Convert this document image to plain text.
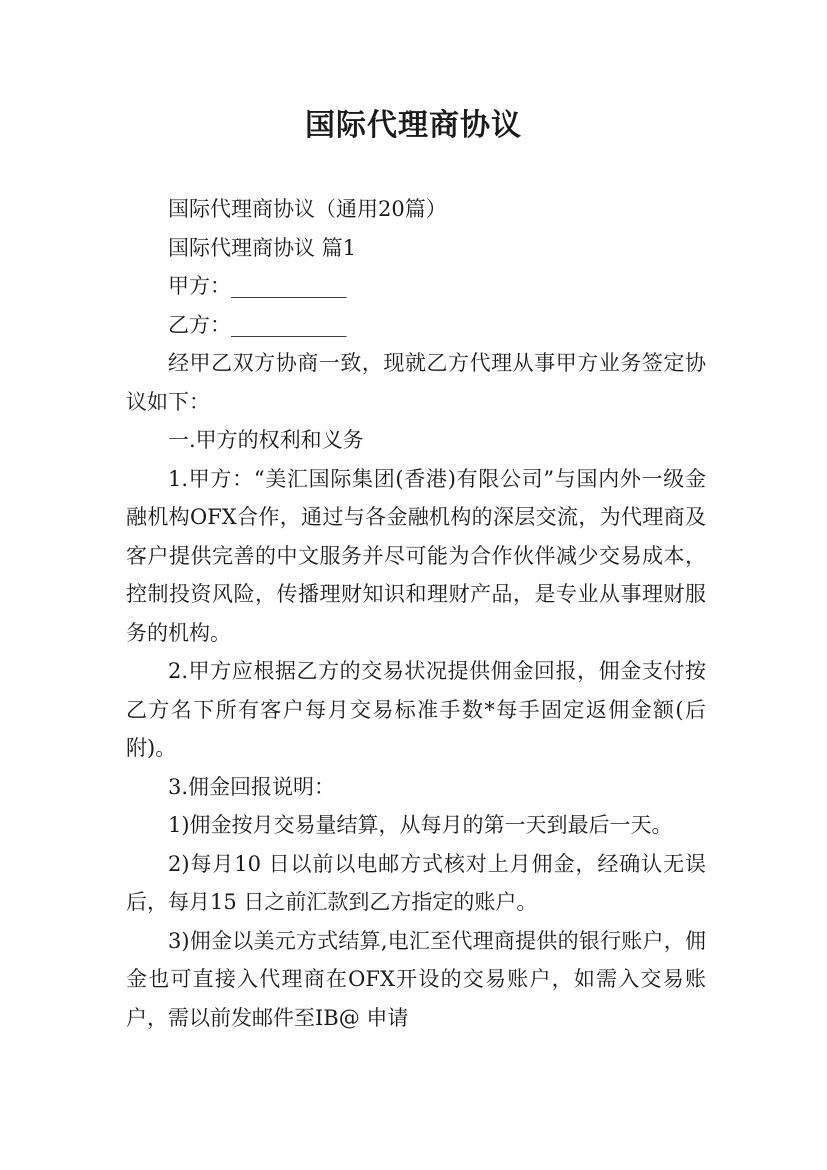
国际代理商协议

国际代理商协议（通用20篇）

国际代理商协议 篇1

甲方：___________

乙方：___________

经甲乙双方协商一致，现就乙方代理从事甲方业务签定协议如下：

一.甲方的权利和义务

1.甲方：“美汇国际集团(香港)有限公司”与国内外一级金融机构OFX合作，通过与各金融机构的深层交流，为代理商及客户提供完善的中文服务并尽可能为合作伙伴减少交易成本，控制投资风险，传播理财知识和理财产品，是专业从事理财服务的机构。

2.甲方应根据乙方的交易状况提供佣金回报，佣金支付按乙方名下所有客户每月交易标准手数*每手固定返佣金额(后附)。

3.佣金回报说明：

1)佣金按月交易量结算，从每月的第一天到最后一天。

2)每月10 日以前以电邮方式核对上月佣金，经确认无误后，每月15 日之前汇款到乙方指定的账户。

3)佣金以美元方式结算,电汇至代理商提供的银行账户，佣金也可直接入代理商在OFX开设的交易账户，如需入交易账户，需以前发邮件至IB@ 申请
